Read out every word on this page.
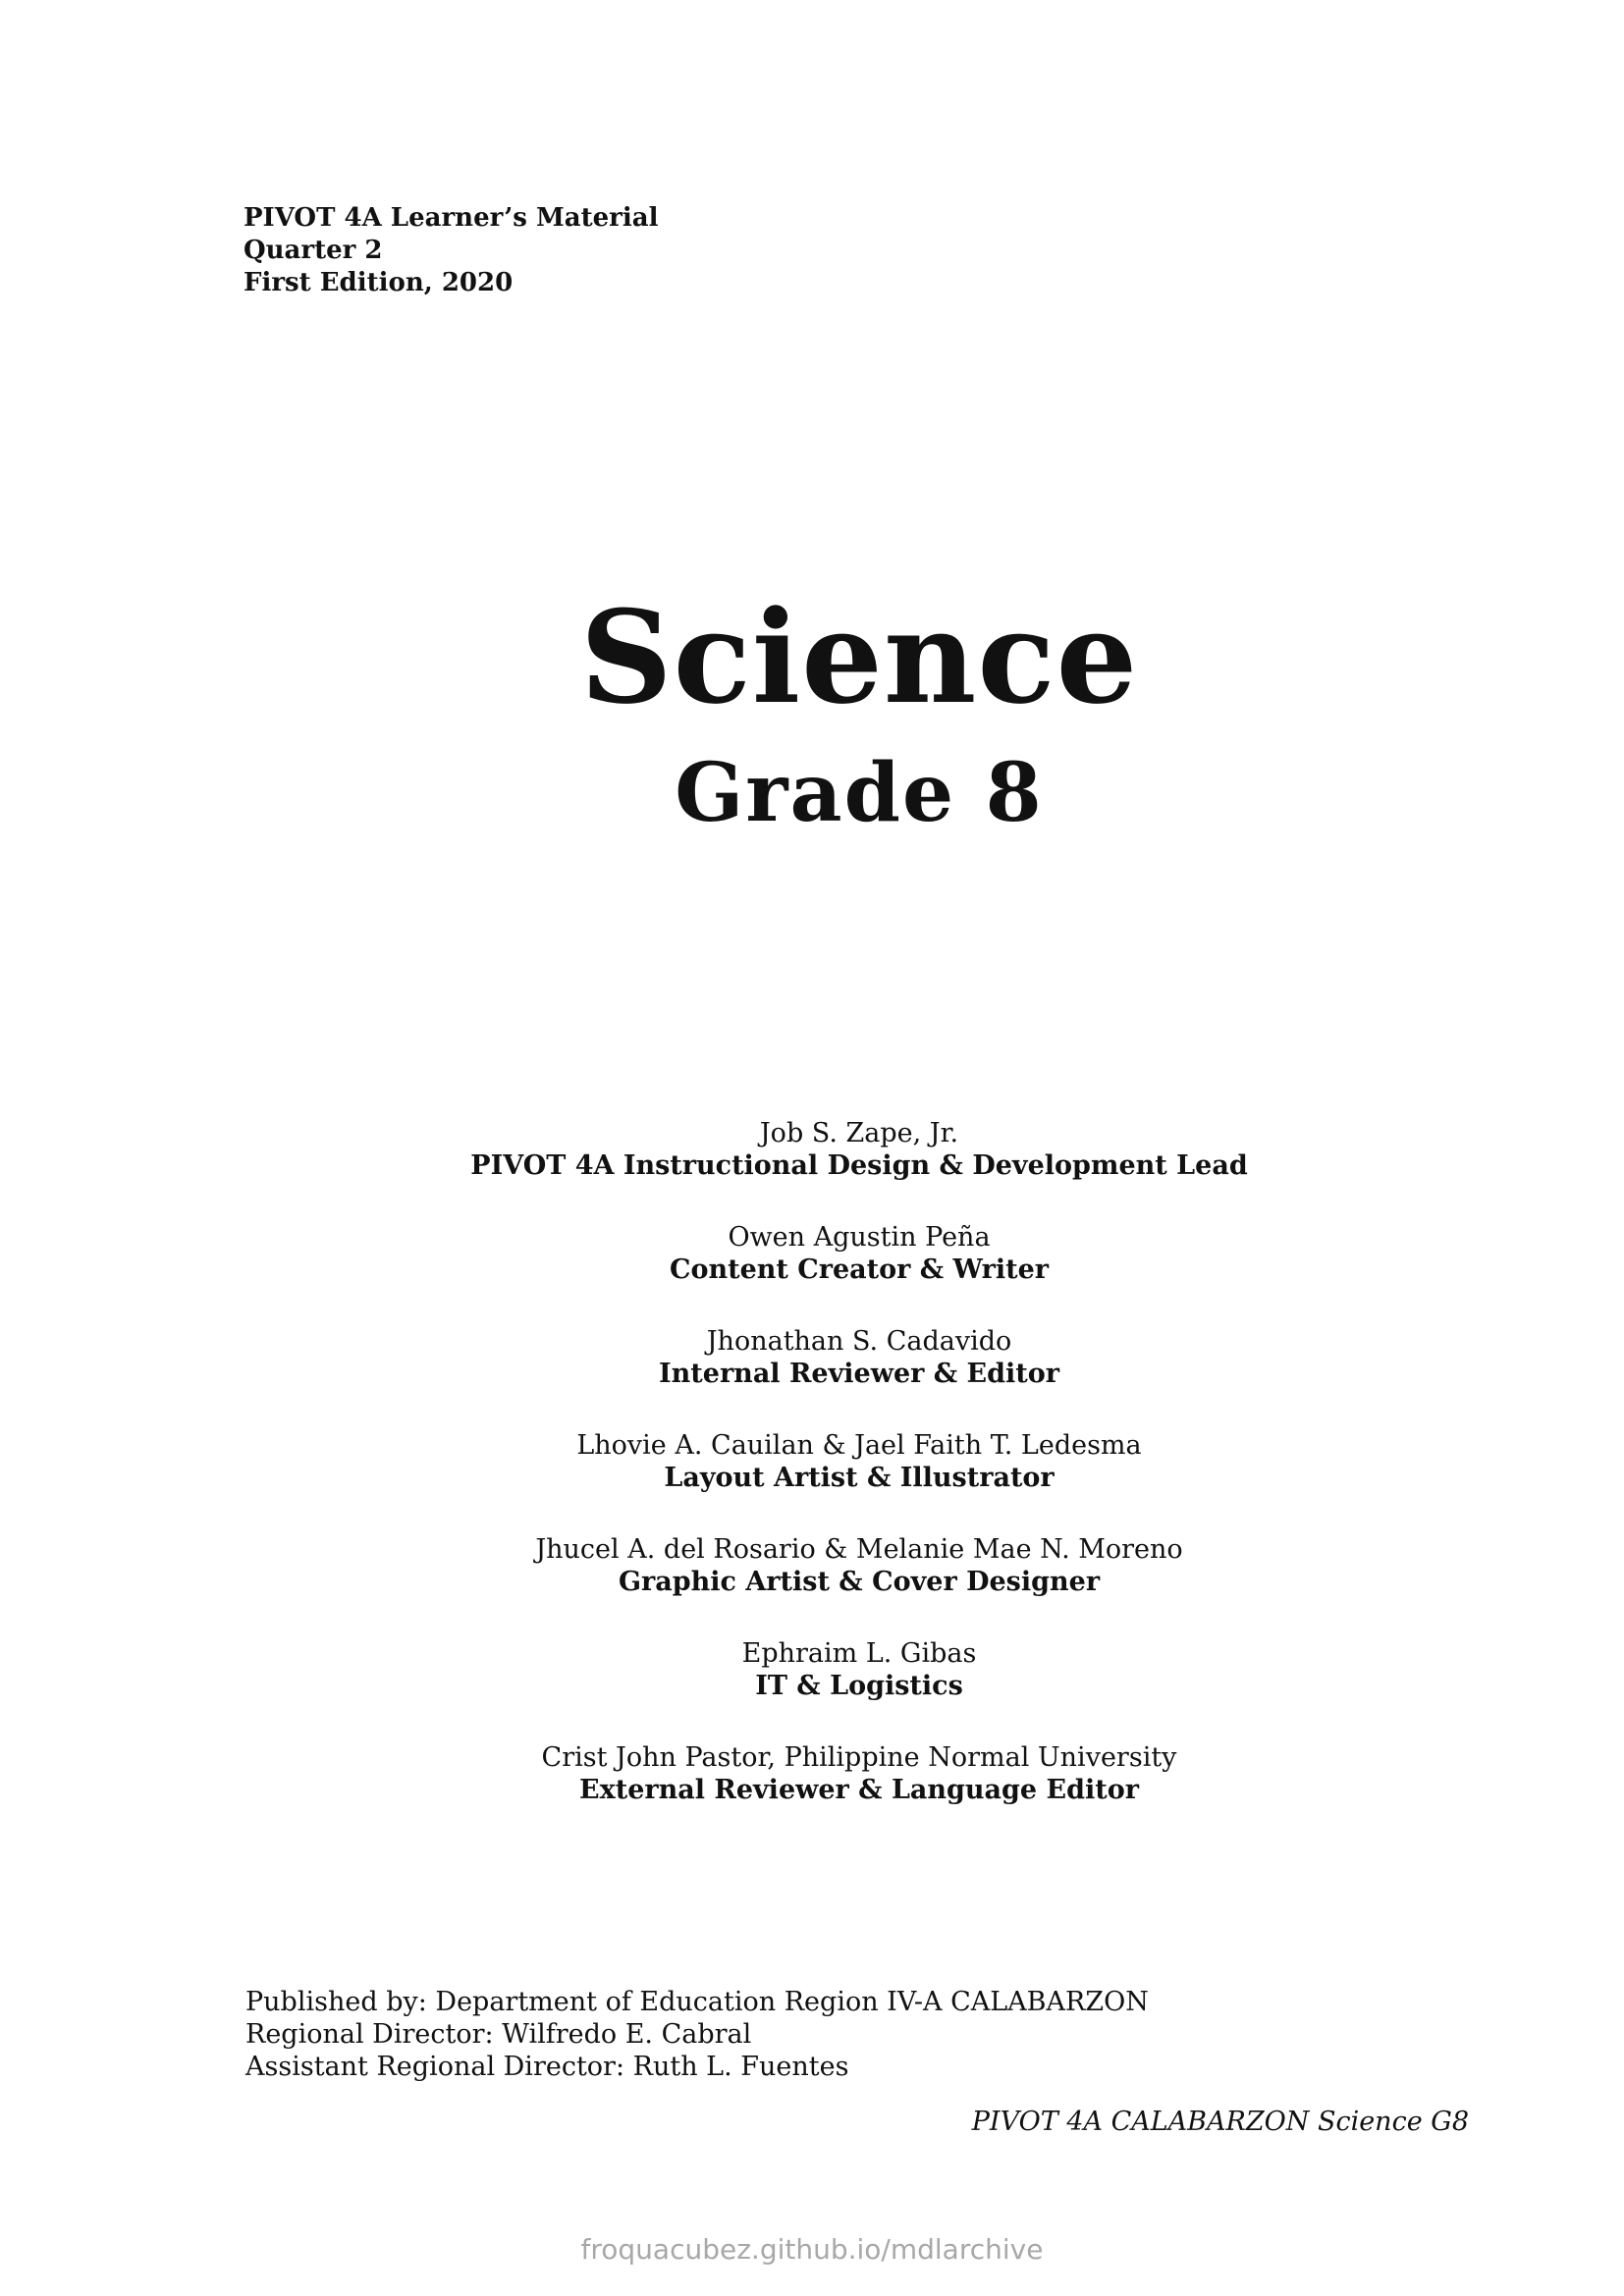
PIVOT 4A Learner’s Material
Quarter 2
First Edition, 2020
Science
Grade 8
Job S. Zape, Jr.
PIVOT 4A Instructional Design & Development Lead
Owen Agustin Peña
Content Creator & Writer
Jhonathan S. Cadavido
Internal Reviewer & Editor
Lhovie A. Cauilan & Jael Faith T. Ledesma
Layout Artist & Illustrator
Jhucel A. del Rosario & Melanie Mae N. Moreno
Graphic Artist & Cover Designer
Ephraim L. Gibas
IT & Logistics
Crist John Pastor, Philippine Normal University
External Reviewer & Language Editor
Published by: Department of Education Region IV-A CALABARZON
Regional Director: Wilfredo E. Cabral
Assistant Regional Director: Ruth L. Fuentes
PIVOT 4A CALABARZON Science G8
froquacubez.github.io/mdlarchive
